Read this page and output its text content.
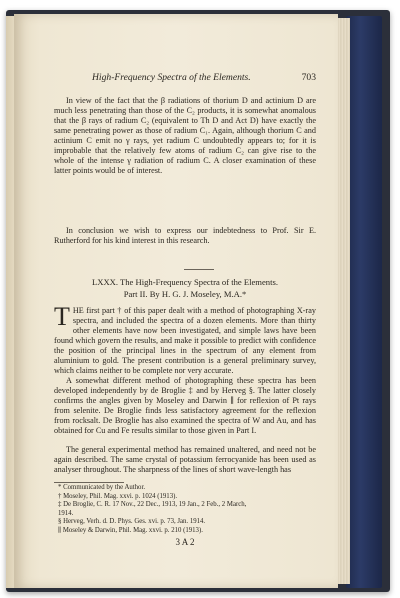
High-Frequency Spectra of the Elements.	703

In view of the fact that the β radiations of thorium D and actinium D are much less penetrating than those of the C₂ products, it is somewhat anomalous that the β rays of radium C₂ (equivalent to Th D and Act D) have exactly the same penetrating power as those of radium C₁. Again, although thorium C and actinium C emit no γ rays, yet radium C undoubtedly appears to; for it is improbable that the relatively few atoms of radium C₂ can give rise to the whole of the intense γ radiation of radium C. A closer examination of these latter points would be of interest.

In conclusion we wish to express our indebtedness to Prof. Sir E. Rutherford for his kind interest in this research.

LXXX. The High-Frequency Spectra of the Elements.
Part II. By H. G. J. Moseley, M.A.*

THE first part † of this paper dealt with a method of photographing X-ray spectra, and included the spectra of a dozen elements. More than thirty other elements have now been investigated, and simple laws have been found which govern the results, and make it possible to predict with confidence the position of the principal lines in the spectrum of any element from aluminium to gold. The present contribution is a general preliminary survey, which claims neither to be complete nor very accurate.

A somewhat different method of photographing these spectra has been developed independently by de Broglie ‡ and by Herveg §. The latter closely confirms the angles given by Moseley and Darwin ∥ for reflexion of Pt rays from selenite. De Broglie finds less satisfactory agreement for the reflexion from rocksalt. De Broglie has also examined the spectra of W and Au, and has obtained for Cu and Fe results similar to those given in Part I.

The general experimental method has remained unaltered, and need not be again described. The same crystal of potassium ferrocyanide has been used as analyser throughout. The sharpness of the lines of short wave-length has

* Communicated by the Author.
† Moseley, Phil. Mag. xxvi. p. 1024 (1913).
‡ De Broglie, C. R. 17 Nov., 22 Dec., 1913, 19 Jan., 2 Feb., 2 March,
1914.
§ Herveg, Verh. d. D. Phys. Ges. xvi. p. 73, Jan. 1914.
∥ Moseley & Darwin, Phil. Mag. xxvi. p. 210 (1913).
3 A 2
